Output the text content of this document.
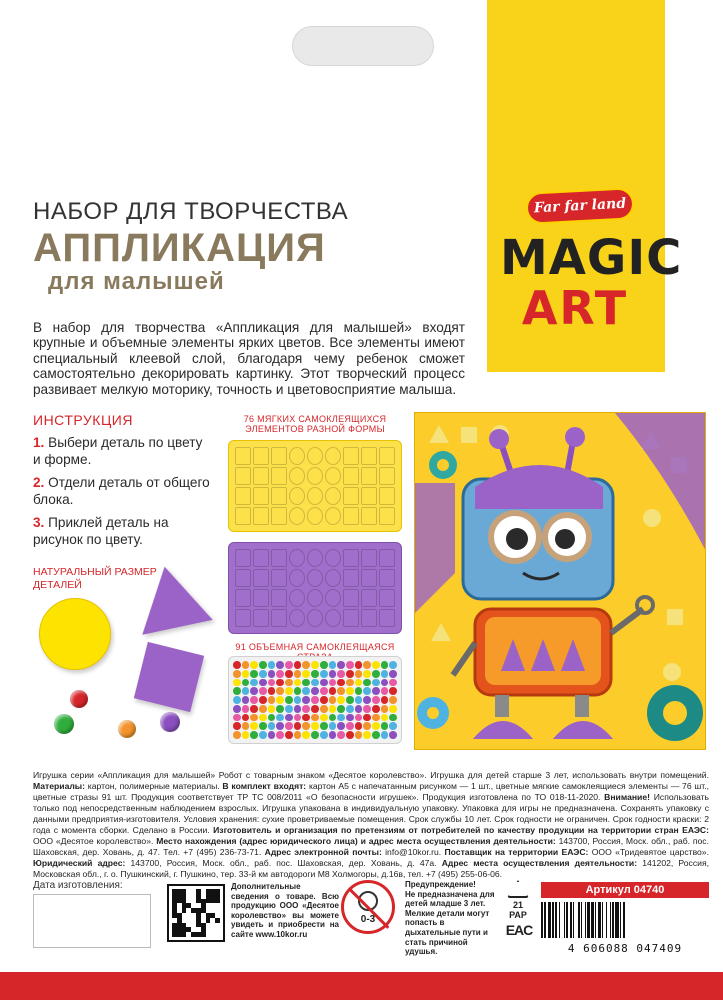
Far far land
MAGIC
ART
НАБОР ДЛЯ ТВОРЧЕСТВА
АППЛИКАЦИЯ
для малышей

В набор для творчества «Аппликация для малышей» входят крупные и объемные элементы ярких цветов. Все элементы имеют специальный клеевой слой, благодаря чему ребенок сможет самостоятельно декорировать картинку. Этот творческий процесс развивает мелкую моторику, точность и цветовосприятие малыша.

ИНСТРУКЦИЯ
1. Выбери деталь по цвету и форме.
2. Отдели деталь от общего блока.
3. Приклей деталь на рисунок по цвету.
НАТУРАЛЬНЫЙ РАЗМЕР ДЕТАЛЕЙ
76 МЯГКИХ САМОКЛЕЯЩИХСЯ ЭЛЕМЕНТОВ РАЗНОЙ ФОРМЫ
91 ОБЪЕМНАЯ САМОКЛЕЯЩАЯСЯ
Игрушка серии «Аппликация для малышей» Робот с товарным знаком «Десятое королевство». Игрушка для детей старше 3 лет, использовать внутри помещений. Материалы: картон, полимерные материалы. В комплект входят: картон А5 с напечатанным рисунком — 1 шт., цветные мягкие самоклеящиеся элементы — 76 шт., цветные стразы 91 шт. Продукция соответствует ТР ТС 008/2011 «О безопасности игрушек». Продукция изготовлена по ТО 018-11-2020. Внимание! Использовать только под непосредственным наблюдением взрослых. Игрушка упакована в индивидуальную упаковку. Упаковка для игры не предназначена. Сохранять упаковку с данными предприятия-изготовителя. Условия хранения: сухие проветриваемые помещения. Срок службы 10 лет. Срок годности не ограничен. Срок годности краски: 2 года с момента сборки. Сделано в России. Изготовитель и организация по претензиям от потребителей по качеству продукции на территории стран ЕАЭС: ООО «Десятое королевство». Место нахождения (адрес юридического лица) и адрес места осуществления деятельности: 143700, Россия, Моск. обл., раб. пос. Шаховская, дер. Ховань, д. 47. Тел. +7 (495) 236-73-71. Адрес электронной почты: info@10kor.ru. Поставщик на территории ЕАЭС: ООО «Тридевятое царство». Юридический адрес: 143700, Россия, Моск. обл., раб. пос. Шаховская, дер. Ховань, д. 47а. Адрес места осуществления деятельности: 141202, Россия, Московская обл., г. о. Пушкинский, г. Пушкино, тер. 33-й км автодороги М8 Холмогоры, д.16в, тел. +7 (495) 255-06-06.
Дата изготовления:	Дополнительные сведения о товаре. Всю продукцию ООО «Десятое королевство» вы можете увидеть и приобрести на сайте www.10kor.ru
0-3
Предупреждение!
Не предназначена для детей младше 3 лет. Мелкие детали могут попасть в дыхательные пути и стать причиной удушья.
21
PAP
EAC
Артикул 04740
4 606088 047409
